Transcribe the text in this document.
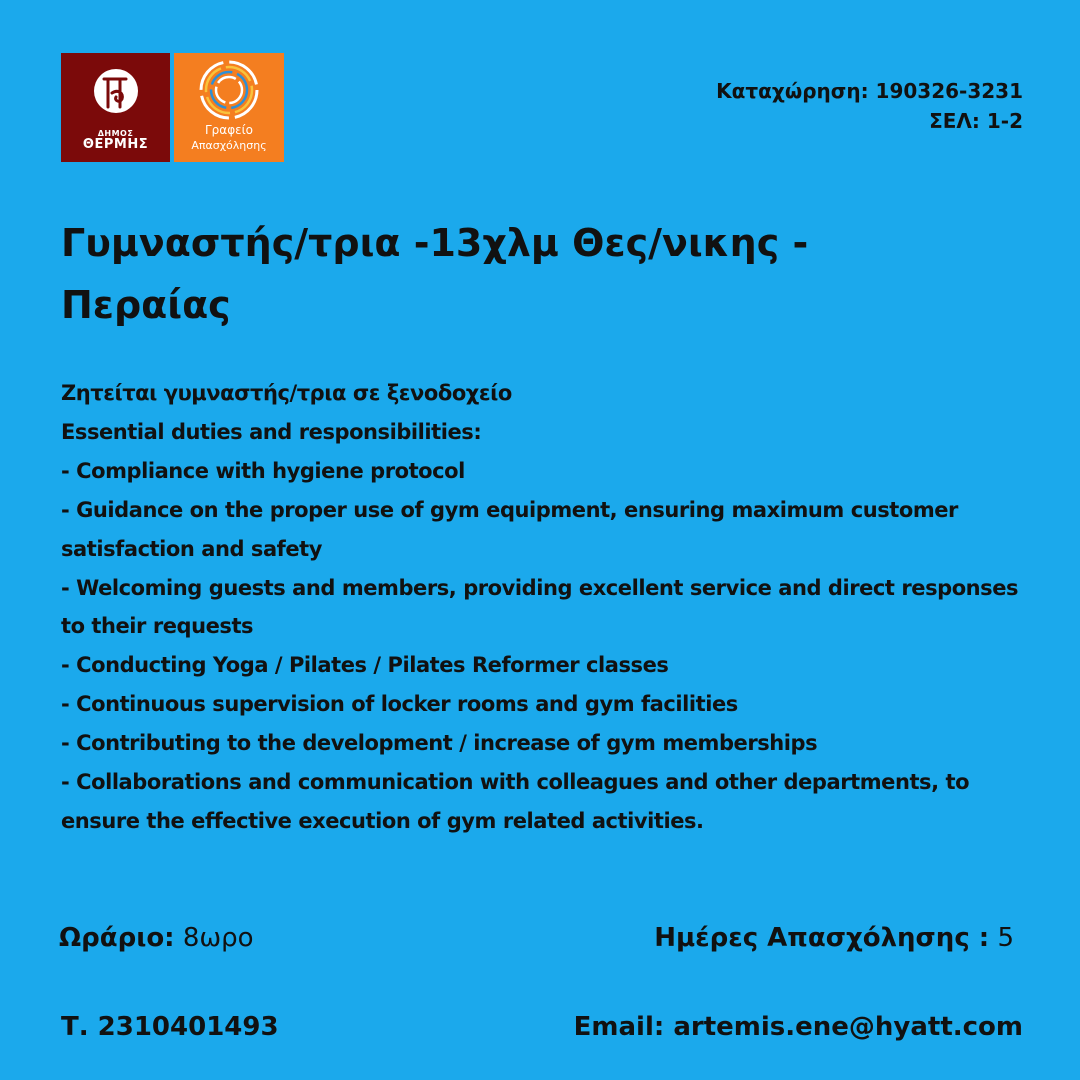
ΔΗΜΟΣ
ΘΕΡΜΗΣ
Γραφείο
Απασχόλησης
Καταχώρηση: 190326-3231
ΣΕΛ: 1-2
Γυμναστής/τρια -13χλμ Θες/νικης - Περαίας
Ζητείται γυμναστής/τρια σε ξενοδοχείο
Essential duties and responsibilities:
- Compliance with hygiene protocol
- Guidance on the proper use of gym equipment, ensuring maximum customer satisfaction and safety
- Welcoming guests and members, providing excellent service and direct responses to their requests
- Conducting Yoga / Pilates / Pilates Reformer classes
- Continuous supervision of locker rooms and gym facilities
- Contributing to the development / increase of gym memberships
- Collaborations and communication with colleagues and other departments, to ensure the effective execution of gym related activities.
Ωράριο: 8ωρο	Ημέρες Απασχόλησης : 5
Τ. 2310401493	Email: artemis.ene@hyatt.com
